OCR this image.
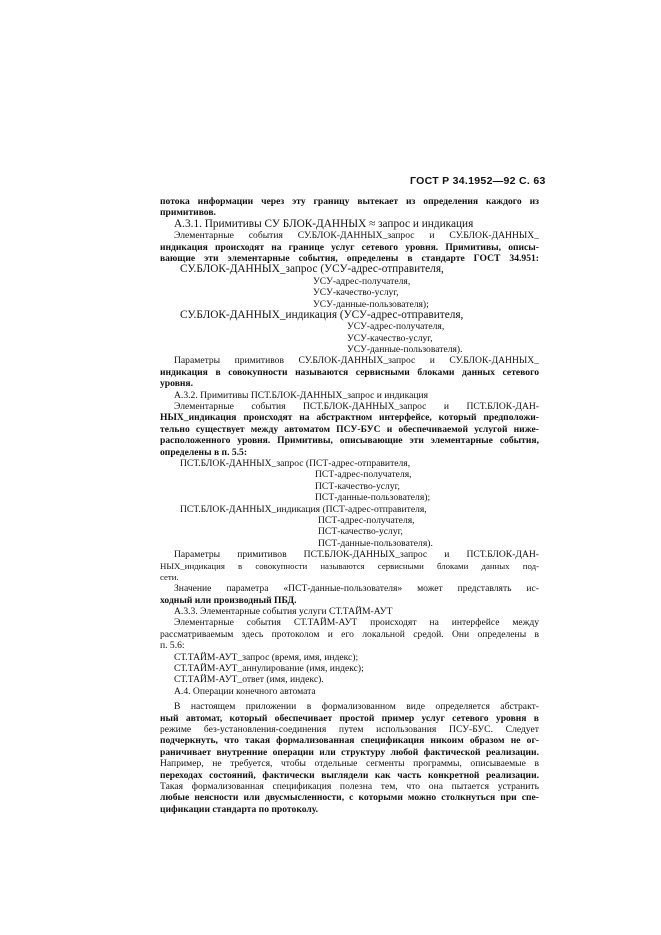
ГОСТ Р 34.1952—92 С. 63
потока информации через эту границу вытекает из определения каждого из
примитивов.
А.3.1. Примитивы СУ БЛОК-ДАННЫХ ≈ запрос и индикация
Элементарные события СУ.БЛОК-ДАННЫХ_запрос и СУ.БЛОК-ДАННЫХ_
индикация происходят на границе услуг сетевого уровня. Примитивы, описы-
вающие эти элементарные события, определены в стандарте ГОСТ 34.951:
СУ.БЛОК-ДАННЫХ_запрос (УСУ-адрес-отправителя,
УСУ-адрес-получателя,
УСУ-качество-услуг,
УСУ-данные-пользователя);
СУ.БЛОК-ДАННЫХ_индикация (УСУ-адрес-отправителя,
УСУ-адрес-получателя,
УСУ-качество-услуг,
УСУ-данные-пользователя).
Параметры примитивов СУ.БЛОК-ДАННЫХ_запрос и СУ.БЛОК-ДАННЫХ_
индикация в совокупности называются сервисными блоками данных сетевого
уровня.
А.3.2. Примитивы ПСТ.БЛОК-ДАННЫХ_запрос и индикация
Элементарные события ПСТ.БЛОК-ДАННЫХ_запрос и ПСТ.БЛОК-ДАН-
НЫХ_индикация происходят на абстрактном интерфейсе, который предположи-
тельно существует между автоматом ПСУ-БУС и обеспечиваемой услугой ниже-
расположенного уровня. Примитивы, описывающие эти элементарные события,
определены в п. 5.5:
ПСТ.БЛОК-ДАННЫХ_запрос (ПСТ-адрес-отправителя,
ПСТ-адрес-получателя,
ПСТ-качество-услуг,
ПСТ-данные-пользователя);
ПСТ.БЛОК-ДАННЫХ_индикация (ПСТ-адрес-отправителя,
ПСТ-адрес-получателя,
ПСТ-качество-услуг,
ПСТ-данные-пользователя).
Параметры примитивов ПСТ.БЛОК-ДАННЫХ_запрос и ПСТ.БЛОК-ДАН-
НЫХ_индикация в совокупности называются сервисными блоками данных под-
сети.
Значение параметра «ПСТ-данные-пользователя» может представлять ис-
ходный или производный ПБД.
А.3.3. Элементарные события услуги СТ.ТАЙМ-АУТ
Элементарные события СТ.ТАЙМ-АУТ происходят на интерфейсе между
рассматриваемым здесь протоколом и его локальной средой. Они определены в
п. 5.6:
СТ.ТАЙМ-АУТ_запрос (время, имя, индекс);
СТ.ТАЙМ-АУТ_аннулирование (имя, индекс);
СТ.ТАЙМ-АУТ_ответ (имя, индекс).
А.4. Операции конечного автомата
В настоящем приложении в формализованном виде определяется абстракт-
ный автомат, который обеспечивает простой пример услуг сетевого уровня в
режиме без-установления-соединения путем использования ПСУ-БУС. Следует
подчеркнуть, что такая формализованная спецификация никоим образом не ог-
раничивает внутренние операции или структуру любой фактической реализации.
Например, не требуется, чтобы отдельные сегменты программы, описываемые в
переходах состояний, фактически выглядели как часть конкретной реализации.
Такая формализованная спецификация полезна тем, что она пытается устранить
любые неясности или двусмысленности, с которыми можно столкнуться при спе-
цификации стандарта по протоколу.
